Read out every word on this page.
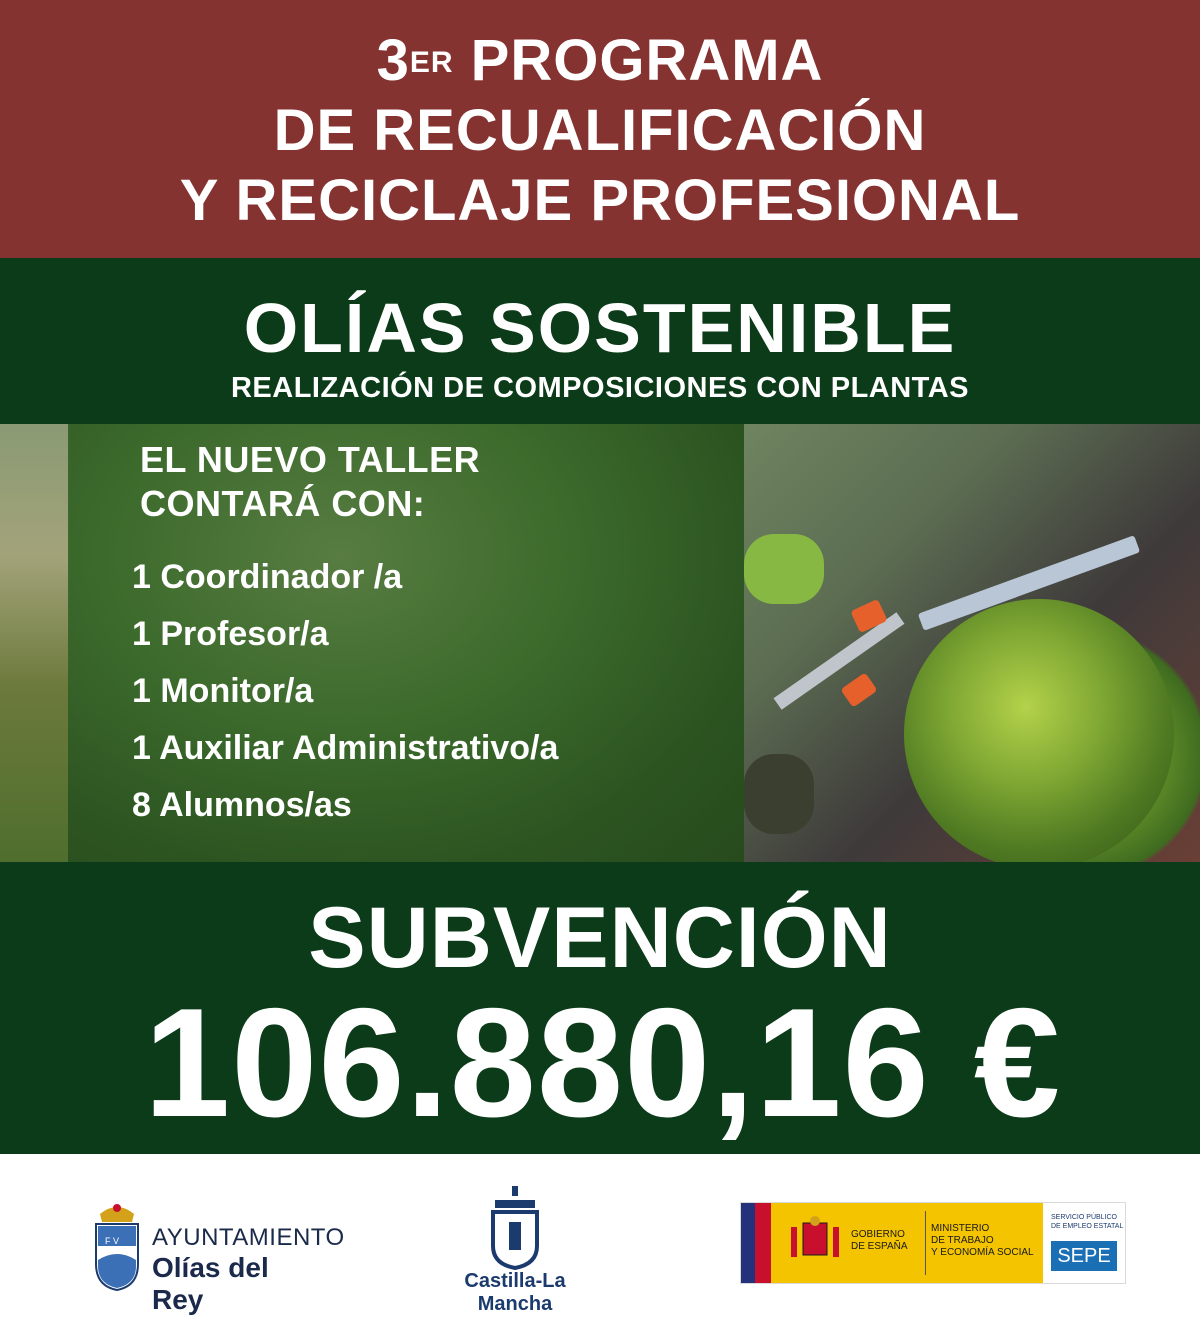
3ER PROGRAMA
DE RECUALIFICACIÓN
Y RECICLAJE PROFESIONAL
OLÍAS SOSTENIBLE
REALIZACIÓN DE COMPOSICIONES CON PLANTAS
EL NUEVO TALLER
CONTARÁ CON:
1 Coordinador /a
1 Profesor/a
1 Monitor/a
1 Auxiliar Administrativo/a
8 Alumnos/as
SUBVENCIÓN
106.880,16 €
F V AYUNTAMIENTO
Olías del Rey
Castilla-La Mancha
GOBIERNO
DE ESPAÑA
MINISTERIO
DE TRABAJO
Y ECONOMÍA SOCIAL
SERVICIO PÚBLICO
DE EMPLEO ESTATAL
SEPE
